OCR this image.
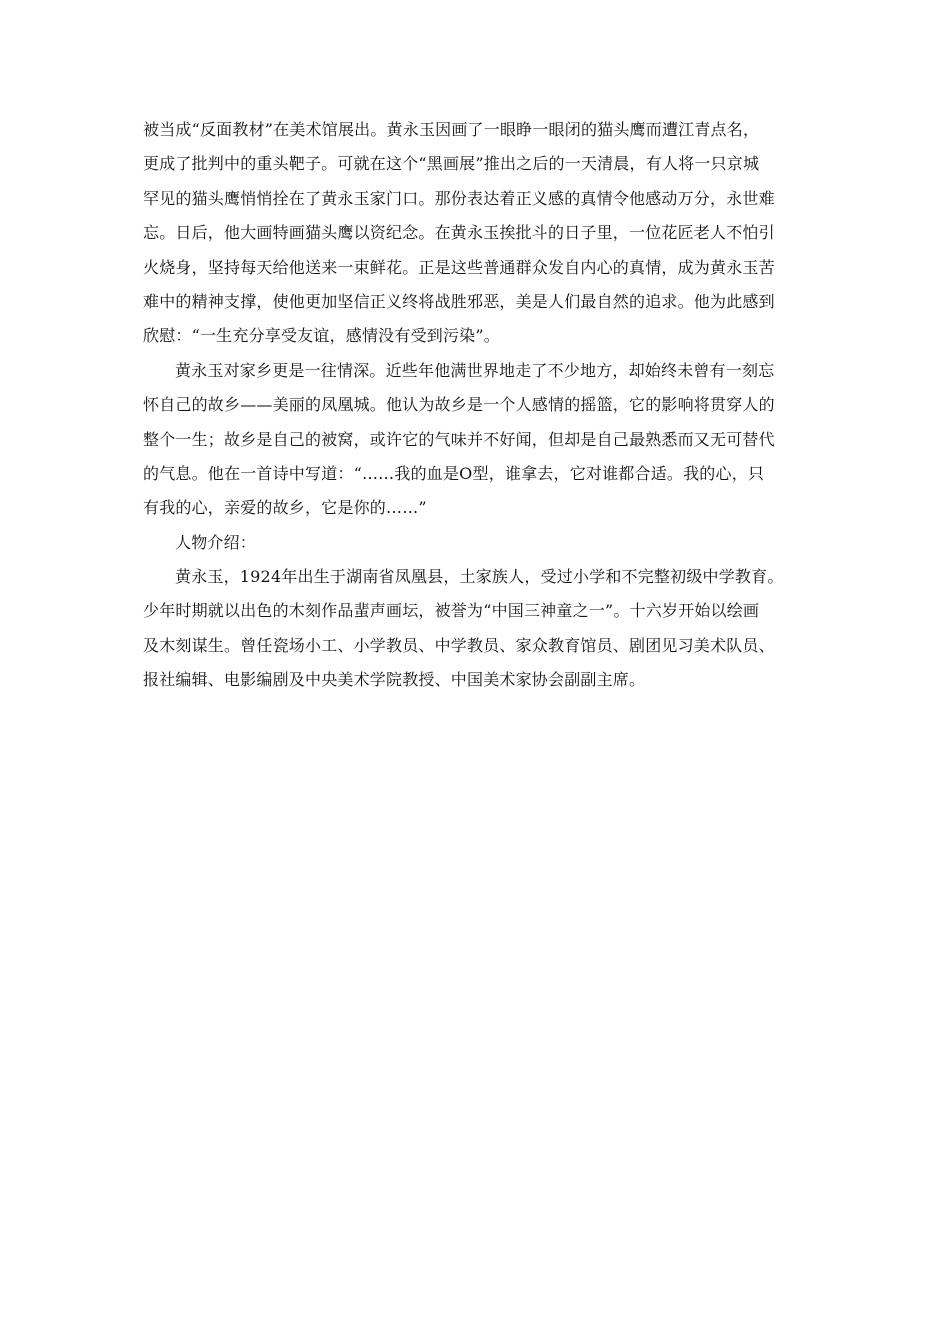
被当成“反面教材”在美术馆展出。黄永玉因画了一眼睁一眼闭的猫头鹰而遭江青点名，
更成了批判中的重头靶子。可就在这个“黑画展”推出之后的一天清晨，有人将一只京城
罕见的猫头鹰悄悄拴在了黄永玉家门口。那份表达着正义感的真情令他感动万分，永世难
忘。日后，他大画特画猫头鹰以资纪念。在黄永玉挨批斗的日子里，一位花匠老人不怕引
火烧身，坚持每天给他送来一束鲜花。正是这些普通群众发自内心的真情，成为黄永玉苦
难中的精神支撑，使他更加坚信正义终将战胜邪恶，美是人们最自然的追求。他为此感到
欣慰：“一生充分享受友谊，感情没有受到污染”。
黄永玉对家乡更是一往情深。近些年他满世界地走了不少地方，却始终未曾有一刻忘
怀自己的故乡——美丽的凤凰城。他认为故乡是一个人感情的摇篮，它的影响将贯穿人的
整个一生；故乡是自己的被窝，或许它的气味并不好闻，但却是自己最熟悉而又无可替代
的气息。他在一首诗中写道：“……我的血是O型，谁拿去，它对谁都合适。我的心，只
有我的心，亲爱的故乡，它是你的……”
人物介绍：
黄永玉，1924年出生于湖南省凤凰县，土家族人，受过小学和不完整初级中学教育。
少年时期就以出色的木刻作品蜚声画坛，被誉为“中国三神童之一”。十六岁开始以绘画
及木刻谋生。曾任瓷场小工、小学教员、中学教员、家众教育馆员、剧团见习美术队员、
报社编辑、电影编剧及中央美术学院教授、中国美术家协会副副主席。
